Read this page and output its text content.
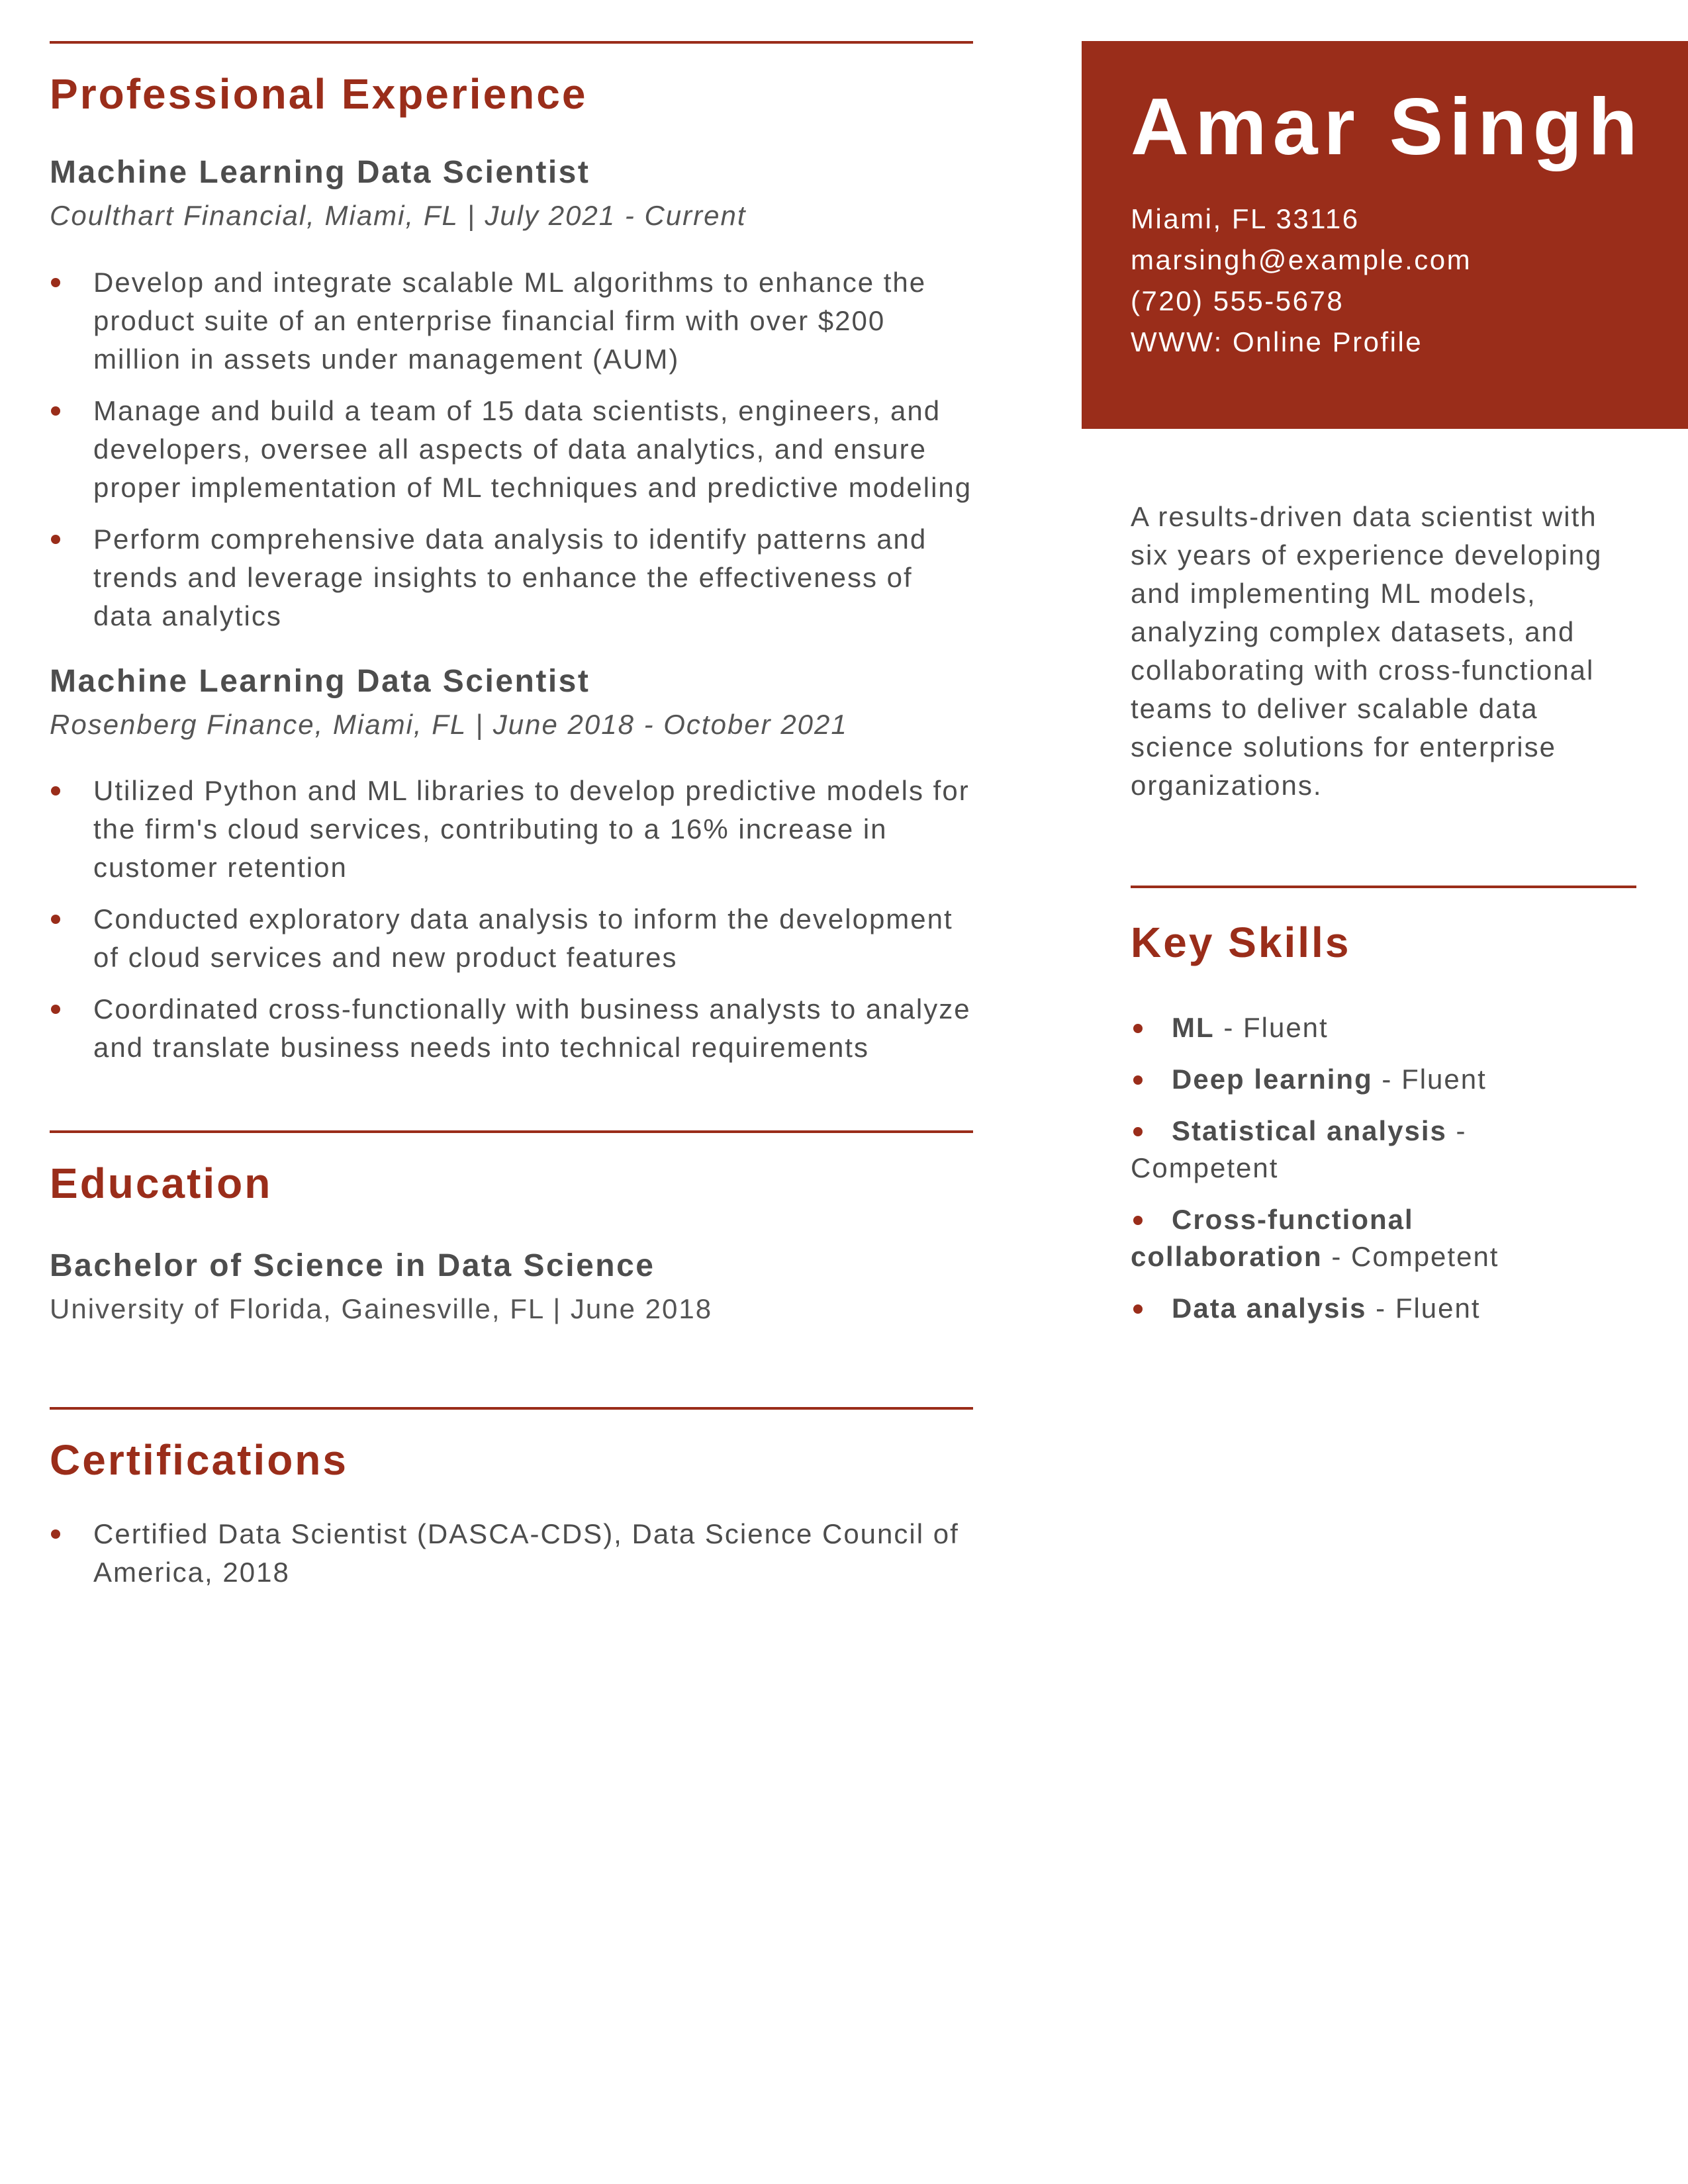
Professional Experience
Machine Learning Data Scientist
Coulthart Financial, Miami, FL | July 2021 - Current
Develop and integrate scalable ML algorithms to enhance the product suite of an enterprise financial firm with over $200 million in assets under management (AUM)
Manage and build a team of 15 data scientists, engineers, and developers, oversee all aspects of data analytics, and ensure proper implementation of ML techniques and predictive modeling
Perform comprehensive data analysis to identify patterns and trends and leverage insights to enhance the effectiveness of data analytics
Machine Learning Data Scientist
Rosenberg Finance, Miami, FL | June 2018 - October 2021
Utilized Python and ML libraries to develop predictive models for the firm's cloud services, contributing to a 16% increase in customer retention
Conducted exploratory data analysis to inform the development of cloud services and new product features
Coordinated cross-functionally with business analysts to analyze and translate business needs into technical requirements
Education
Bachelor of Science in Data Science
University of Florida, Gainesville, FL | June 2018
Certifications
Certified Data Scientist (DASCA-CDS), Data Science Council of America, 2018
Amar Singh
Miami, FL 33116
marsingh@example.com
(720) 555-5678
WWW: Online Profile
A results-driven data scientist with six years of experience developing and implementing ML models, analyzing complex datasets, and collaborating with cross-functional teams to deliver scalable data science solutions for enterprise organizations.
Key Skills
ML - Fluent
Deep learning - Fluent
Statistical analysis - Competent
Cross-functional collaboration - Competent
Data analysis - Fluent
